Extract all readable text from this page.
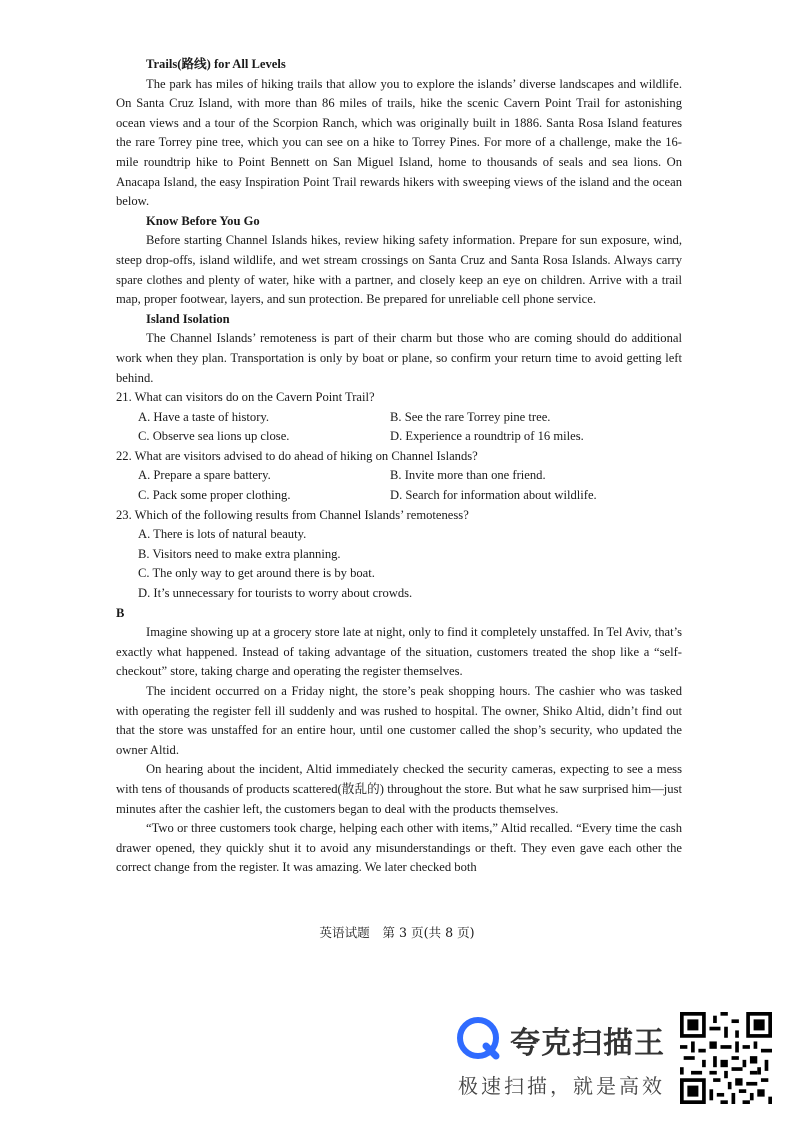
Trails(路线) for All Levels

The park has miles of hiking trails that allow you to explore the islands’ diverse landscapes and wildlife. On Santa Cruz Island, with more than 86 miles of trails, hike the scenic Cavern Point Trail for astonishing ocean views and a tour of the Scorpion Ranch, which was originally built in 1886. Santa Rosa Island features the rare Torrey pine tree, which you can see on a hike to Torrey Pines. For more of a challenge, make the 16-mile roundtrip hike to Point Bennett on San Miguel Island, home to thousands of seals and sea lions. On Anacapa Island, the easy Inspiration Point Trail rewards hikers with sweeping views of the island and the ocean below.

Know Before You Go

Before starting Channel Islands hikes, review hiking safety information. Prepare for sun exposure, wind, steep drop-offs, island wildlife, and wet stream crossings on Santa Cruz and Santa Rosa Islands. Always carry spare clothes and plenty of water, hike with a partner, and closely keep an eye on children. Arrive with a trail map, proper footwear, layers, and sun protection. Be prepared for unreliable cell phone service.

Island Isolation

The Channel Islands’ remoteness is part of their charm but those who are coming should do additional work when they plan. Transportation is only by boat or plane, so confirm your return time to avoid getting left behind.

21. What can visitors do on the Cavern Point Trail?

A. Have a taste of history.	B. See the rare Torrey pine tree.

C. Observe sea lions up close.	D. Experience a roundtrip of 16 miles.

22. What are visitors advised to do ahead of hiking on Channel Islands?

A. Prepare a spare battery.	B. Invite more than one friend.

C. Pack some proper clothing.	D. Search for information about wildlife.

23. Which of the following results from Channel Islands’ remoteness?

A. There is lots of natural beauty.

B. Visitors need to make extra planning.

C. The only way to get around there is by boat.

D. It’s unnecessary for tourists to worry about crowds.

B

Imagine showing up at a grocery store late at night, only to find it completely unstaffed. In Tel Aviv, that’s exactly what happened. Instead of taking advantage of the situation, customers treated the shop like a “self-checkout” store, taking charge and operating the register themselves.

The incident occurred on a Friday night, the store’s peak shopping hours. The cashier who was tasked with operating the register fell ill suddenly and was rushed to hospital. The owner, Shiko Altid, didn’t find out that the store was unstaffed for an entire hour, until one customer called the shop’s security, who updated the owner Altid.

On hearing about the incident, Altid immediately checked the security cameras, expecting to see a mess with tens of thousands of products scattered(散乱的) throughout the store. But what he saw surprised him—just minutes after the cashier left, the customers began to deal with the products themselves.

“Two or three customers took charge, helping each other with items,” Altid recalled. “Every time the cash drawer opened, they quickly shut it to avoid any misunderstandings or theft. They even gave each other the correct change from the register. It was amazing. We later checked both

英语试题　第 3 页(共 8 页)
夸克扫描王
极速扫描，就是高效
